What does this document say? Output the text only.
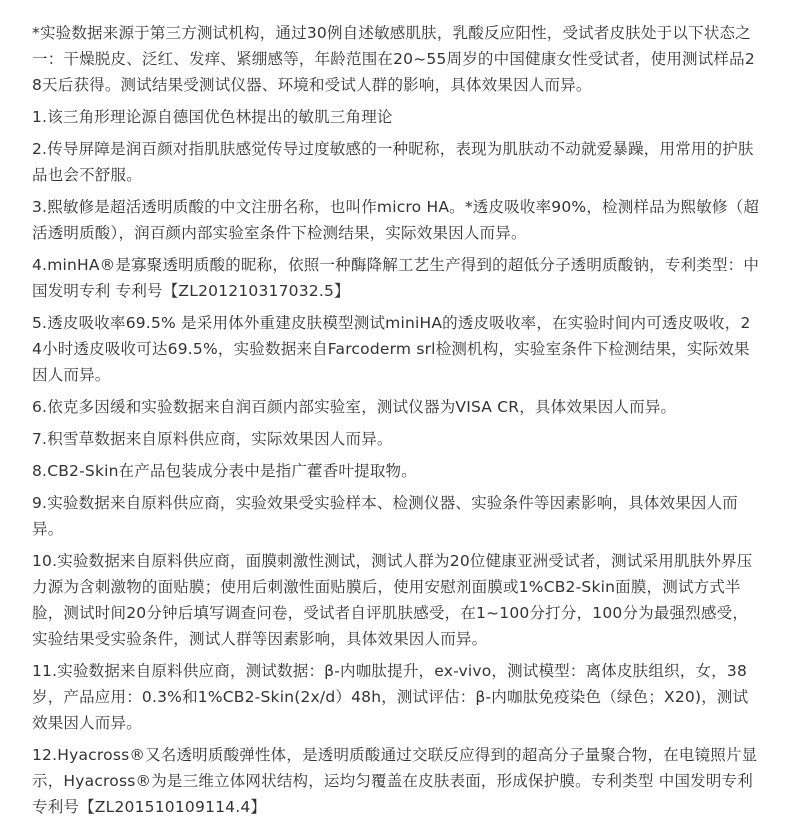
*实验数据来源于第三方测试机构，通过30例自述敏感肌肤，乳酸反应阳性，受试者皮肤处于以下状态之一：干燥脱皮、泛红、发痒、紧绷感等，年龄范围在20~55周岁的中国健康女性受试者，使用测试样品28天后获得。测试结果受测试仪器、环境和受试人群的影响，具体效果因人而异。

1.该三角形理论源自德国优色林提出的敏肌三角理论

2.传导屏障是润百颜对指肌肤感觉传导过度敏感的一种昵称，表现为肌肤动不动就爱暴躁，用常用的护肤品也会不舒服。

3.熙敏修是超活透明质酸的中文注册名称，也叫作micro HA。*透皮吸收率90%，检测样品为熙敏修（超活透明质酸），润百颜内部实验室条件下检测结果，实际效果因人而异。

4.minHA®是寡聚透明质酸的昵称，依照一种酶降解工艺生产得到的超低分子透明质酸钠，专利类型：中国发明专利 专利号【ZL201210317032.5】

5.透皮吸收率69.5% 是采用体外重建皮肤模型测试miniHA的透皮吸收率，在实验时间内可透皮吸收，24小时透皮吸收可达69.5%，实验数据来自Farcoderm srl检测机构，实验室条件下检测结果，实际效果因人而异。

6.依克多因缓和实验数据来自润百颜内部实验室，测试仪器为VISA CR，具体效果因人而异。

7.积雪草数据来自原料供应商，实际效果因人而异。

8.CB2-Skin在产品包装成分表中是指广藿香叶提取物。

9.实验数据来自原料供应商，实验效果受实验样本、检测仪器、实验条件等因素影响，具体效果因人而异。

10.实验数据来自原料供应商，面膜刺激性测试，测试人群为20位健康亚洲受试者，测试采用肌肤外界压力源为含刺激物的面贴膜；使用后刺激性面贴膜后，使用安慰剂面膜或1%CB2-Skin面膜，测试方式半脸，测试时间20分钟后填写调查问卷，受试者自评肌肤感受，在1~100分打分，100分为最强烈感受，实验结果受实验条件，测试人群等因素影响，具体效果因人而异。

11.实验数据来自原料供应商，测试数据：β-内咖肽提升，ex-vivo，测试模型：离体皮肤组织，女，38岁，产品应用：0.3%和1%CB2-Skin(2x/d）48h，测试评估：β-内咖肽免疫染色（绿色；X20)，测试效果因人而异。

12.Hyacross®又名透明质酸弹性体，是透明质酸通过交联反应得到的超高分子量聚合物，在电镜照片显示，Hyacross®为是三维立体网状结构，运均匀覆盖在皮肤表面，形成保护膜。专利类型 中国发明专利 专利号【ZL201510109114.4】
